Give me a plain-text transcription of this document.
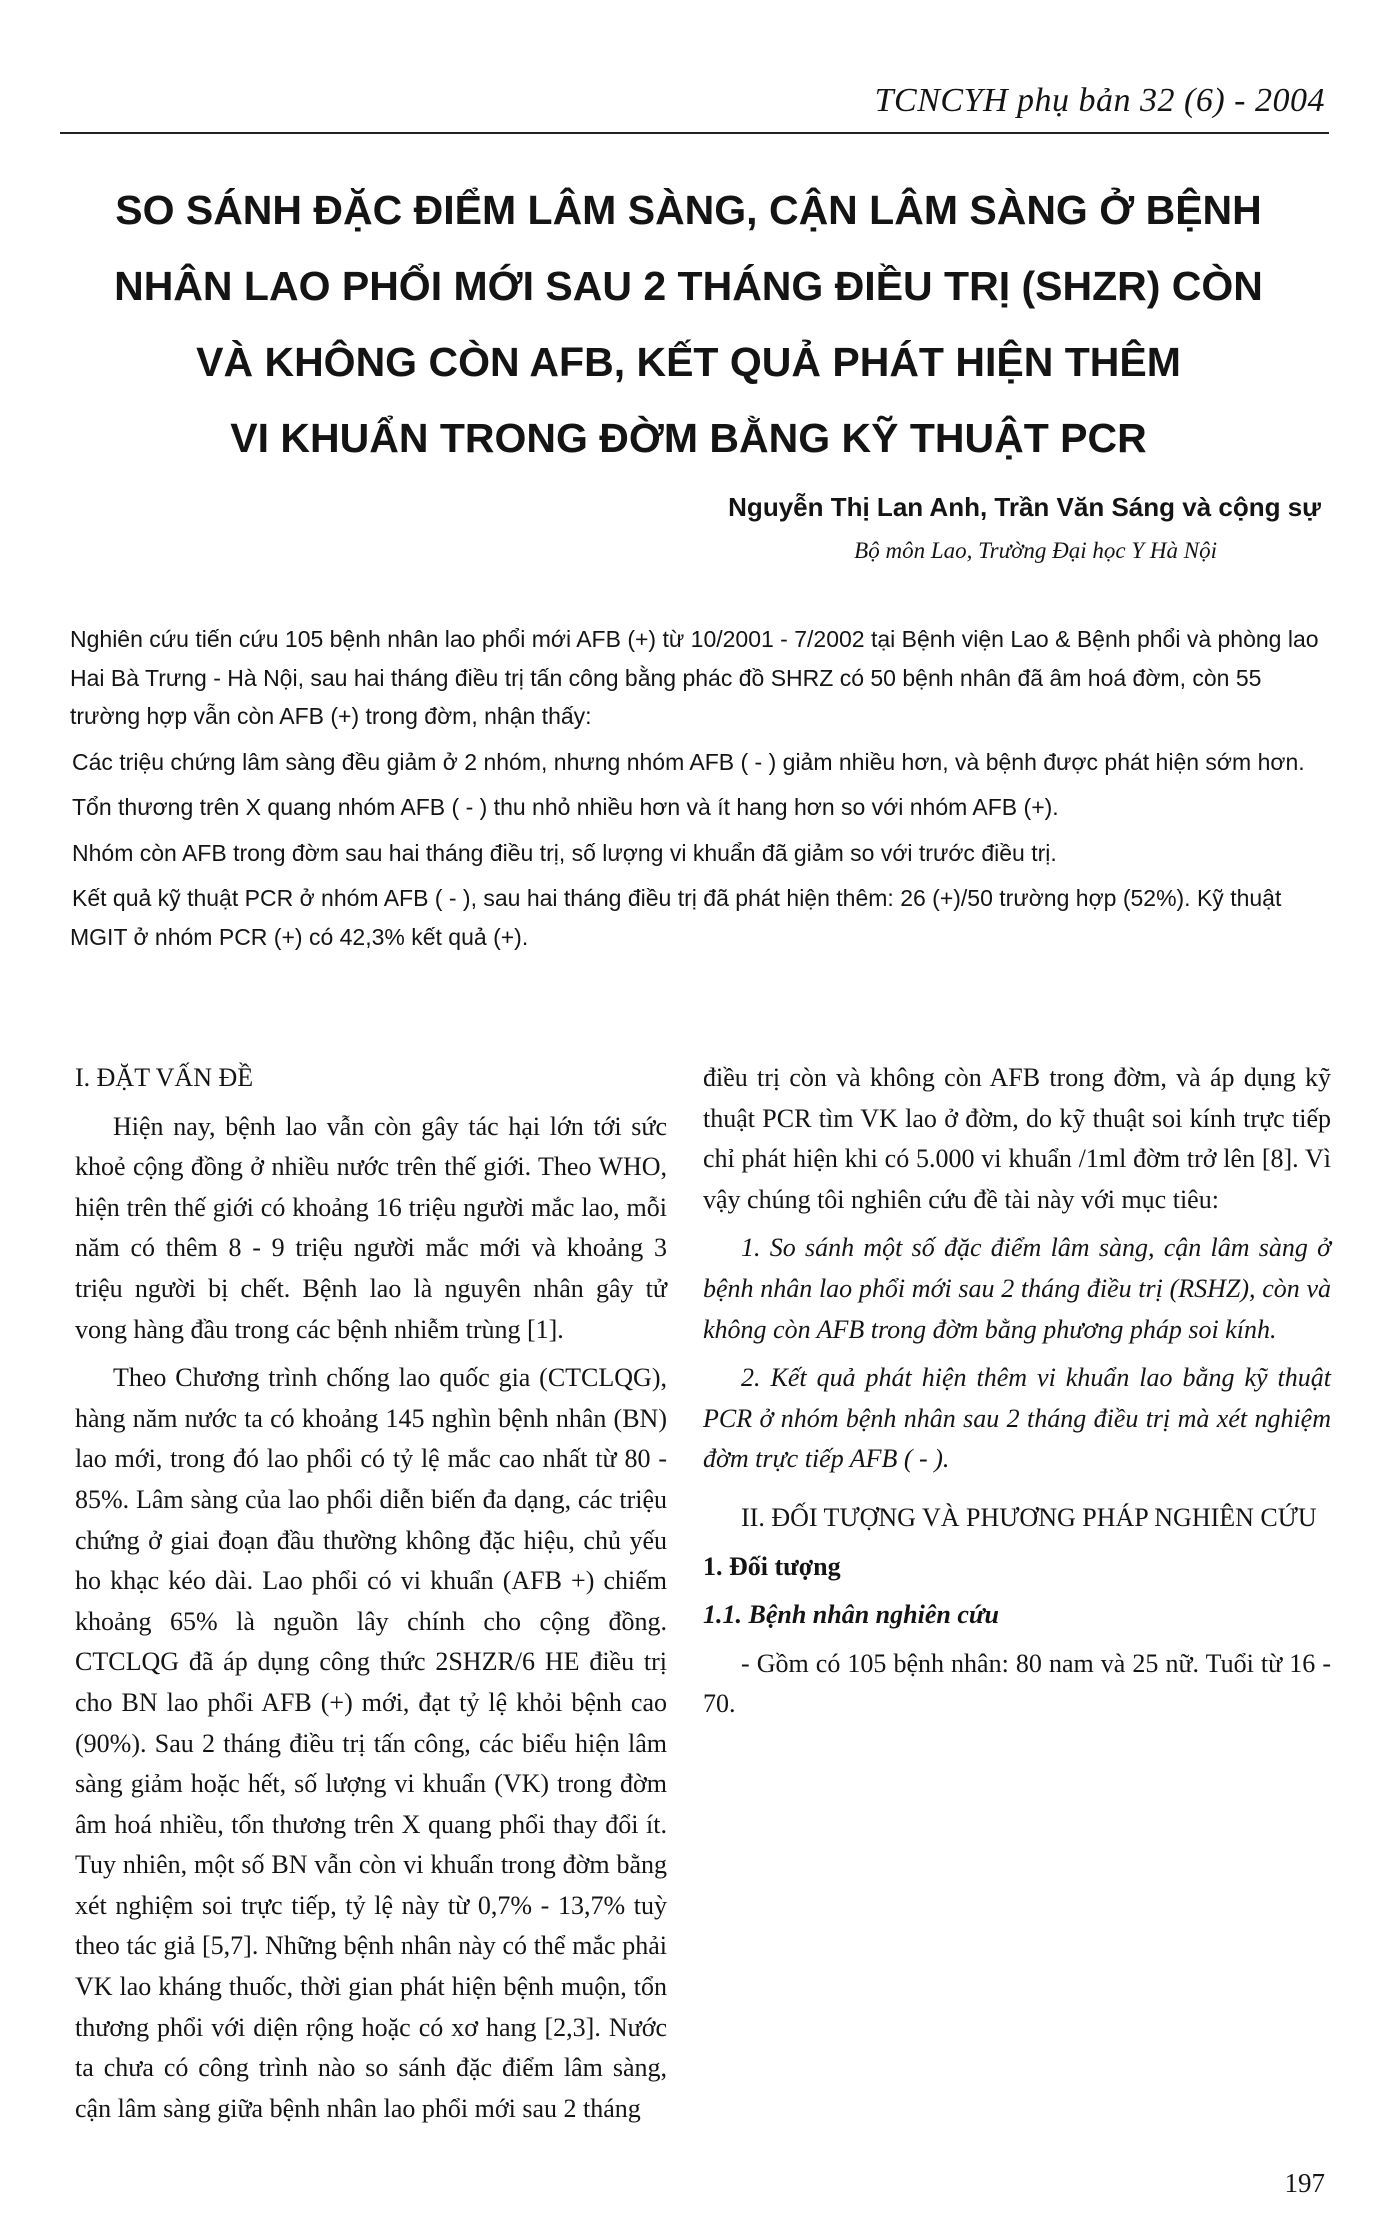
TCNCYH phụ bản 32 (6) - 2004
SO SÁNH ĐẶC ĐIỂM LÂM SÀNG, CẬN LÂM SÀNG Ở BỆNH
NHÂN LAO PHỔI MỚI SAU 2 THÁNG ĐIỀU TRỊ (SHZR) CÒN
VÀ KHÔNG CÒN AFB, KẾT QUẢ PHÁT HIỆN THÊM
VI KHUẨN TRONG ĐỜM BẰNG KỸ THUẬT PCR
Nguyễn Thị Lan Anh, Trần Văn Sáng và cộng sự
Bộ môn Lao, Trường Đại học Y Hà Nội

Nghiên cứu tiến cứu 105 bệnh nhân lao phổi mới AFB (+) từ 10/2001 - 7/2002 tại Bệnh viện Lao & Bệnh phổi và phòng lao Hai Bà Trưng - Hà Nội, sau hai tháng điều trị tấn công bằng phác đồ SHRZ có 50 bệnh nhân đã âm hoá đờm, còn 55 trường hợp vẫn còn AFB (+) trong đờm, nhận thấy:

Các triệu chứng lâm sàng đều giảm ở 2 nhóm, nhưng nhóm AFB ( - ) giảm nhiều hơn, và bệnh được phát hiện sớm hơn.

Tổn thương trên X quang nhóm AFB ( - ) thu nhỏ nhiều hơn và ít hang hơn so với nhóm AFB (+).

Nhóm còn AFB trong đờm sau hai tháng điều trị, số lượng vi khuẩn đã giảm so với trước điều trị.

Kết quả kỹ thuật PCR ở nhóm AFB ( - ), sau hai tháng điều trị đã phát hiện thêm: 26 (+)/50 trường hợp (52%). Kỹ thuật MGIT ở nhóm PCR (+) có 42,3% kết quả (+).

I. ĐẶT VẤN ĐỀ

Hiện nay, bệnh lao vẫn còn gây tác hại lớn tới sức khoẻ cộng đồng ở nhiều nước trên thế giới. Theo WHO, hiện trên thế giới có khoảng 16 triệu người mắc lao, mỗi năm có thêm 8 - 9 triệu người mắc mới và khoảng 3 triệu người bị chết. Bệnh lao là nguyên nhân gây tử vong hàng đầu trong các bệnh nhiễm trùng [1].

Theo Chương trình chống lao quốc gia (CTCLQG), hàng năm nước ta có khoảng 145 nghìn bệnh nhân (BN) lao mới, trong đó lao phổi có tỷ lệ mắc cao nhất từ 80 - 85%. Lâm sàng của lao phổi diễn biến đa dạng, các triệu chứng ở giai đoạn đầu thường không đặc hiệu, chủ yếu ho khạc kéo dài. Lao phổi có vi khuẩn (AFB +) chiếm khoảng 65% là nguồn lây chính cho cộng đồng. CTCLQG đã áp dụng công thức 2SHZR/6 HE điều trị cho BN lao phổi AFB (+) mới, đạt tỷ lệ khỏi bệnh cao (90%). Sau 2 tháng điều trị tấn công, các biểu hiện lâm sàng giảm hoặc hết, số lượng vi khuẩn (VK) trong đờm âm hoá nhiều, tổn thương trên X quang phổi thay đổi ít. Tuy nhiên, một số BN vẫn còn vi khuẩn trong đờm bằng xét nghiệm soi trực tiếp, tỷ lệ này từ 0,7% - 13,7% tuỳ theo tác giả [5,7]. Những bệnh nhân này có thể mắc phải VK lao kháng thuốc, thời gian phát hiện bệnh muộn, tổn thương phổi với diện rộng hoặc có xơ hang [2,3]. Nước ta chưa có công trình nào so sánh đặc điểm lâm sàng, cận lâm sàng giữa bệnh nhân lao phổi mới sau 2 tháng

điều trị còn và không còn AFB trong đờm, và áp dụng kỹ thuật PCR tìm VK lao ở đờm, do kỹ thuật soi kính trực tiếp chỉ phát hiện khi có 5.000 vi khuẩn /1ml đờm trở lên [8]. Vì vậy chúng tôi nghiên cứu đề tài này với mục tiêu:

1. So sánh một số đặc điểm lâm sàng, cận lâm sàng ở bệnh nhân lao phổi mới sau 2 tháng điều trị (RSHZ), còn và không còn AFB trong đờm bằng phương pháp soi kính.

2. Kết quả phát hiện thêm vi khuẩn lao bằng kỹ thuật PCR ở nhóm bệnh nhân sau 2 tháng điều trị mà xét nghiệm đờm trực tiếp AFB ( - ).

II. ĐỐI TƯỢNG VÀ PHƯƠNG PHÁP NGHIÊN CỨU

1. Đối tượng

1.1. Bệnh nhân nghiên cứu

- Gồm có 105 bệnh nhân: 80 nam và 25 nữ. Tuổi từ 16 - 70.

197
